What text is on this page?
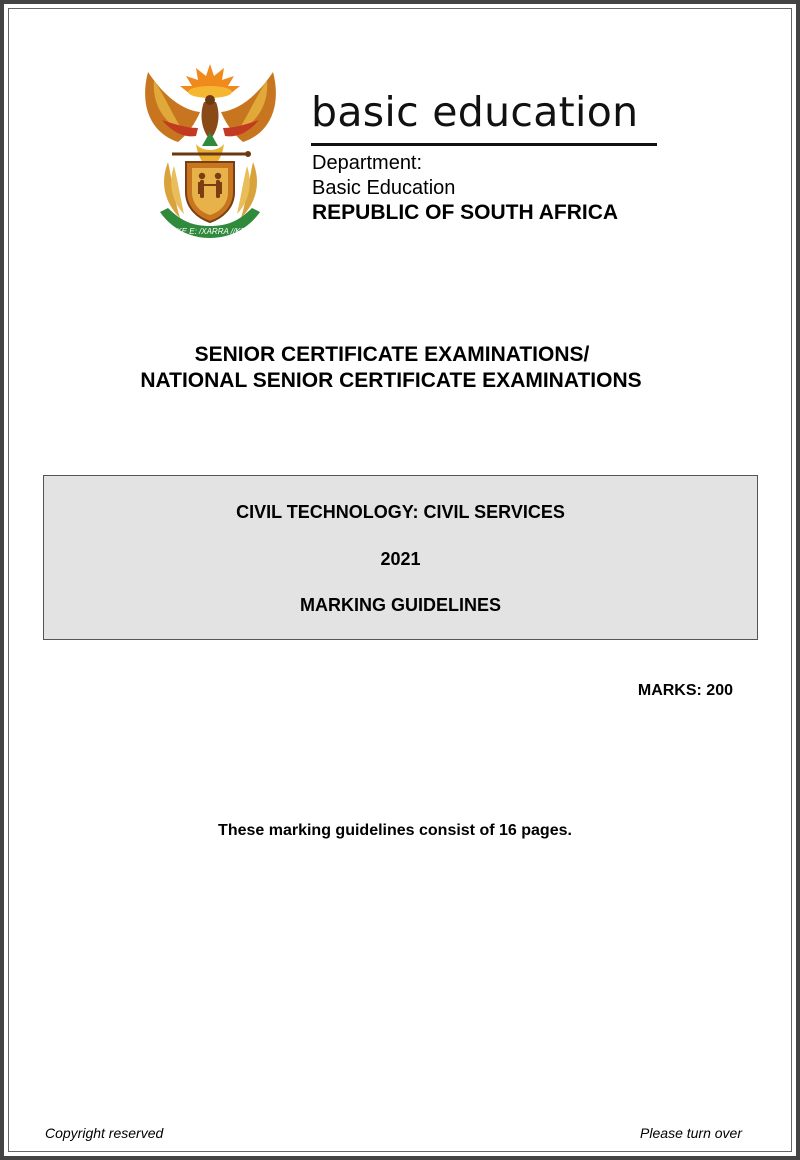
!KE E: /XARRA //KE
basic education
Department:
Basic Education
REPUBLIC OF SOUTH AFRICA
SENIOR CERTIFICATE EXAMINATIONS/
NATIONAL SENIOR CERTIFICATE EXAMINATIONS
CIVIL TECHNOLOGY: CIVIL SERVICES
2021
MARKING GUIDELINES
MARKS: 200
These marking guidelines consist of 16 pages.
Copyright reserved	Please turn over
